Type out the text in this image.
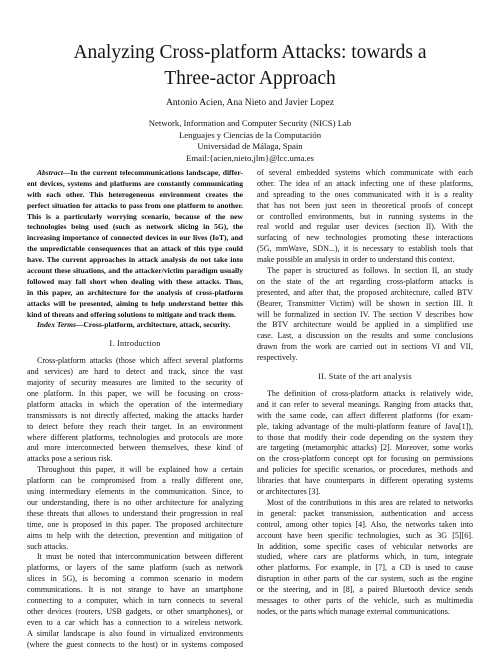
Analyzing Cross-platform Attacks: towards a
Three-actor Approach
Antonio Acien, Ana Nieto and Javier Lopez
Network, Information and Computer Security (NICS) Lab
Lenguajes y Ciencias de la Computación
Universidad de Málaga, Spain
Email:{acien,nieto,jlm}@lcc.uma.es
Abstract—In the current telecommunications landscape, differ-
ent devices, systems and platforms are constantly communicating
with each other. This heterogeneous environment creates the
perfect situation for attacks to pass from one platform to another.
This is a particularly worrying scenario, because of the new
technologies being used (such as network slicing in 5G), the
increasing importance of connected devices in our lives (IoT), and
the unpredictable consequences that an attack of this type could
have. The current approaches in attack analysis do not take into
account these situations, and the attacker/victim paradigm usually
followed may fall short when dealing with these attacks. Thus,
in this paper, an architecture for the analysis of cross-platform
attacks will be presented, aiming to help understand better this
kind of threats and offering solutions to mitigate and track them.
Index Terms—Cross-platform, architecture, attack, security.
I. Introduction
Cross-platform attacks (those which affect several platforms
and services) are hard to detect and track, since the vast
majority of security measures are limited to the security of
one platform. In this paper, we will be focusing on cross-
platform attacks in which the operation of the intermediary
transmissors is not directly affected, making the attacks harder
to detect before they reach their target. In an environment
where different platforms, technologies and protocols are more
and more interconnected between themselves, these kind of
attacks pose a serious risk.
Throughout this paper, it will be explained how a certain
platform can be compromised from a really different one,
using intermediary elements in the communication. Since, to
our understanding, there is no other architecture for analyzing
these threats that allows to understand their progression in real
time, one is proposed in this paper. The proposed architecture
aims to help with the detection, prevention and mitigation of
such attacks.
It must be noted that intercommunication between different
platforms, or layers of the same platform (such as network
slices in 5G), is becoming a common scenario in modern
communications. It is not strange to have an smartphone
connecting to a computer, which in turn connects to several
other devices (routers, USB gadgets, or other smartphones), or
even to a car which has a connection to a wireless network.
A similar landscape is also found in virtualized environments
(where the guest connects to the host) or in systems composed
of several embedded systems which communicate with each
other. The idea of an attack infecting one of these platforms,
and spreading to the ones communicated with it is a reality
that has not been just seen in theoretical proofs of concept
or controlled environments, but in running systems in the
real world and regular user devices (section II). With the
surfacing of new technologies promoting these interactions
(5G, mmWave, SDN...), it is necessary to establish tools that
make possible an analysis in order to understand this context.
The paper is structured as follows. In section II, an study
on the state of the art regarding cross-platform attacks is
presented, and after that, the proposed architecture, called BTV
(Bearer, Transmitter Victim) will be shown in section III. It
will be formalized in section IV. The section V describes how
the BTV architecture would be applied in a simplified use
case. Last, a discussion on the results and some conclusions
drawn from the work are carried out in sections VI and VII,
respectively.
II. State of the art analysis
The definition of cross-platform attacks is relatively wide,
and it can refer to several meanings. Ranging from attacks that,
with the same code, can affect different platforms (for exam-
ple, taking advantage of the multi-platform feature of Java[1]),
to those that modify their code depending on the system they
are targeting (metamorphic attacks) [2]. Moreover, some works
on the cross-platform concept opt for focusing on permissions
and policies for specific scenarios, or procedures, methods and
libraries that have counterparts in different operating systems
or architectures [3].
Most of the contributions in this area are related to networks
in general: packet transmission, authentication and access
control, among other topics [4]. Also, the networks taken into
account have been specific technologies, such as 3G [5][6].
In addition, some specific cases of vehicular networks are
studied, where cars are platforms which, in turn, integrate
other platforms. For example, in [7], a CD is used to cause
disruption in other parts of the car system, such as the engine
or the steering, and in [8], a paired Bluetooth device sends
messages to other parts of the vehicle, such as multimedia
nodes, or the parts which manage external communications.
